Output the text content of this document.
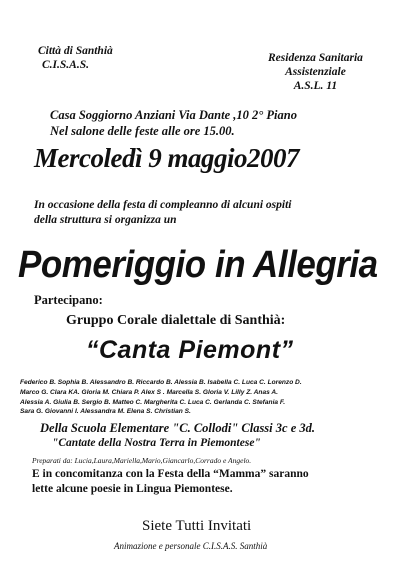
Città di Santhià
C.I.S.A.S.
Residenza Sanitaria
Assistenziale
A.S.L. 11
Casa Soggiorno Anziani Via Dante ,10 2° Piano
Nel salone delle feste alle ore 15.00.
Mercoledì 9 maggio2007
In occasione della festa di compleanno di alcuni ospiti
della struttura si organizza un
Pomeriggio in Allegria
Partecipano:
Gruppo Corale dialettale di Santhià:
“Canta Piemont”
Federico B. Sophia B. Alessandro B. Riccardo B. Alessia B. Isabella C. Luca C. Lorenzo D.
Marco G. Clara KA. Gloria M. Chiara P. Alex S . Marcella S. Gloria V. Lilly Z. Anas A.
Alessia A. Giulia B. Sergio B. Matteo C. Margherita C. Luca C. Gerlanda C. Stefania F.
Sara G. Giovanni I. Alessandra M. Elena S. Christian S.
Della Scuola Elementare "C. Collodi" Classi 3c e 3d.
"Cantate della Nostra Terra in Piemontese"
Preparati da: Lucia,Laura,Mariella,Mario,Giancarlo,Corrado e Angelo.
E in concomitanza con la Festa della “Mamma” saranno
lette alcune poesie in Lingua Piemontese.
Siete Tutti Invitati
Animazione e personale C.I.S.A.S. Santhià
